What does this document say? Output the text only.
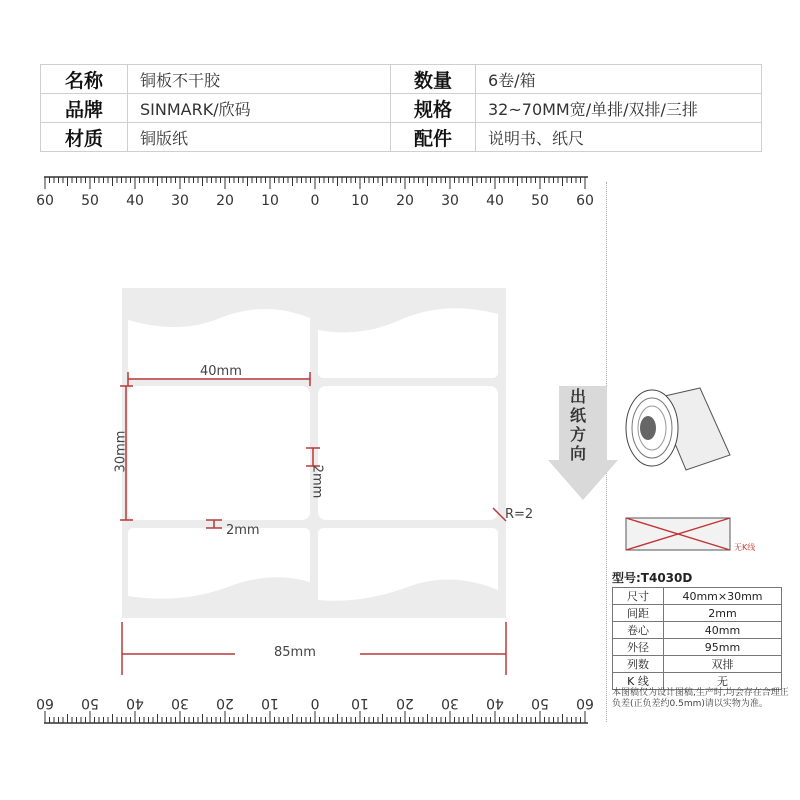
名称	铜板不干胶	数量	6卷/箱
品牌	SINMARK/欣码	规格	32~70MM宽/单排/双排/三排
材质	铜版纸	配件	说明书、纸尺
60 50 40 30 20 10 0 10 20 30 40 50 60
60 50 40 30 20 10 0 10 20 30 40 50 60
40mm
30mm
2mm
2mm
R=2
85mm
出纸方向
无K线
型号:T4030D
尺寸	40mm×30mm
间距	2mm
卷心	40mm
外径	95mm
列数	双排
K 线	无
本图稿仅为设计图稿,生产时,均会存在合理正负差(正负差约0.5mm)请以实物为准。
